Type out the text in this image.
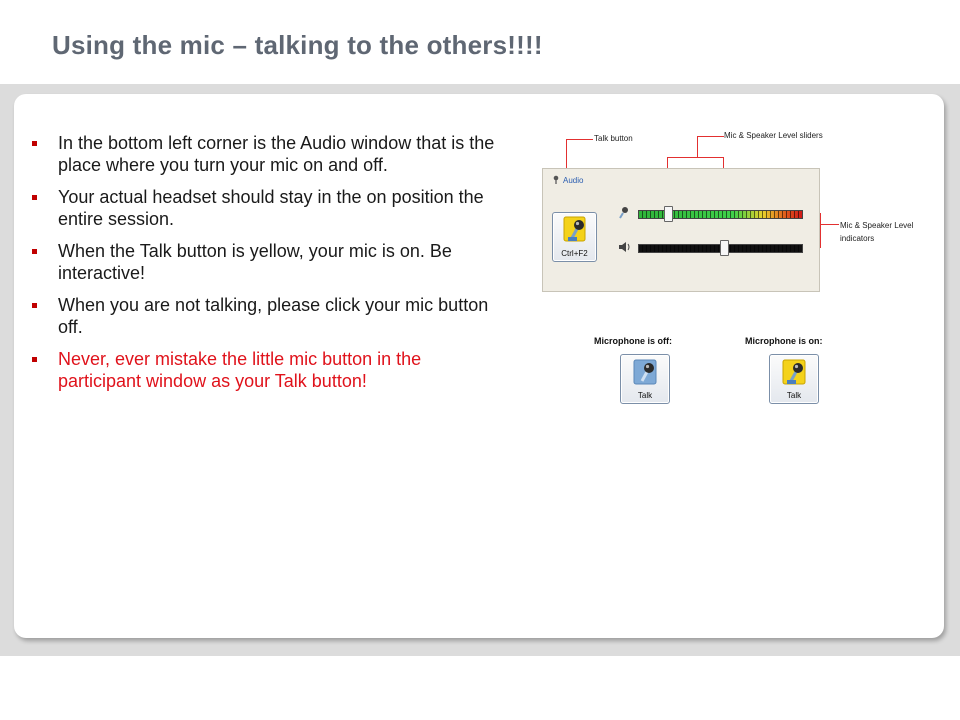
Using the mic – talking to the others!!!!
In the bottom left corner is the Audio window that is the place where you turn your mic on and off.
Your actual headset should stay in the on position the entire session.
When the Talk button is yellow, your mic is on. Be interactive!
When you are not talking, please click your mic button off.
Never, ever mistake the little mic button in the participant window as your Talk button!
Talk button	Mic & Speaker Level sliders
Mic & Speaker Level indicators
Audio
Ctrl+F2
Microphone is off:	Microphone is on:
Talk	Talk
